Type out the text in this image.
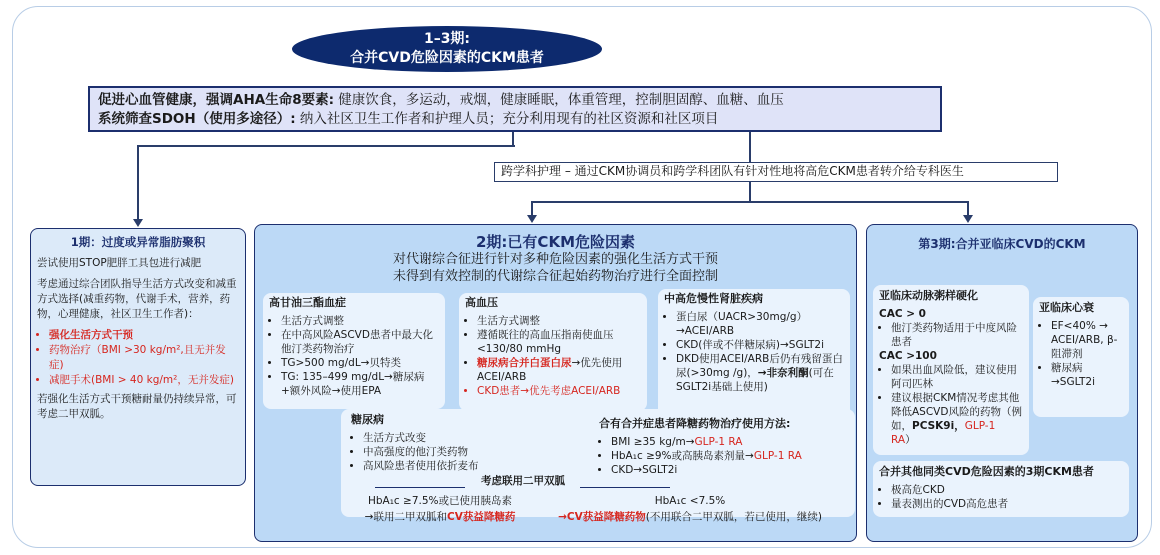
1–3期:
合并CVD危险因素的CKM患者
促进心血管健康，强调AHA生命8要素: 健康饮食，多运动，戒烟，健康睡眠，体重管理，控制胆固醇、血糖、血压
系统筛查SDOH（使用多途径）: 纳入社区卫生工作者和护理人员；充分利用现有的社区资源和社区项目
跨学科护理 – 通过CKM协调员和跨学科团队有针对性地将高危CKM患者转介给专科医生
1期：过度或异常脂肪聚积

尝试使用STOP肥胖工具包进行减肥

考虑通过综合团队指导生活方式改变和减重方式选择(减重药物，代谢手术，营养，药物，心理健康，社区卫生工作者)：

• 强化生活方式干预
• 药物治疗（BMI >30 kg/m²,且无并发症)
• 减肥手术(BMI > 40 kg/m²，无并发症)

若强化生活方式干预糖耐量仍持续异常，可考虑二甲双胍。

2期:已有CKM危险因素
对代谢综合征进行针对多种危险因素的强化生活方式干预
未得到有效控制的代谢综合征起始药物治疗进行全面控制
高甘油三酯血症
• 生活方式调整
• 在中高风险ASCVD患者中最大化他汀类药物治疗
• TG>500 mg/dL→贝特类
• TG: 135–499 mg/dL→糖尿病+额外风险→使用EPA
高血压
• 生活方式调整
• 遵循既往的高血压指南使血压<130/80 mmHg
• 糖尿病合并白蛋白尿→优先使用ACEI/ARB
• CKD患者→优先考虑ACEI/ARB
中高危慢性肾脏疾病
• 蛋白尿（UACR>30mg/g）→ACEI/ARB
• CKD(伴或不伴糖尿病)→SGLT2i
• DKD使用ACEI/ARB后仍有残留蛋白尿(>30mg /g)，→非奈利酮(可在SGLT2i基础上使用)
糖尿病
• 生活方式改变
• 中高强度的他汀类药物
• 高风险患者使用依折麦布
合有合并症患者降糖药物治疗使用方法:
• BMI ≥35 kg/m→GLP-1 RA
• HbA₁c ≥9%或高胰岛素剂量→GLP-1 RA
• CKD→SGLT2i
考虑联用二甲双胍
HbA₁c ≥7.5%或已使用胰岛素
→联用二甲双胍和CV获益降糖药
HbA₁c <7.5%
→CV获益降糖药物(不用联合二甲双胍，若已使用，继续)
第3期:合并亚临床CVD的CKM
亚临床动脉粥样硬化
CAC > 0
• 他汀类药物适用于中度风险患者
CAC >100
• 如果出血风险低，建议使用阿司匹林
• 建议根据CKM情况考虑其他降低ASCVD风险的药物（例如，PCSK9i，GLP-1 RA）
亚临床心衰
• EF<40% → ACEI/ARB, β-阻滞剂
• 糖尿病→SGLT2i
合并其他同类CVD危险因素的3期CKM患者
• 极高危CKD
• 量表测出的CVD高危患者
